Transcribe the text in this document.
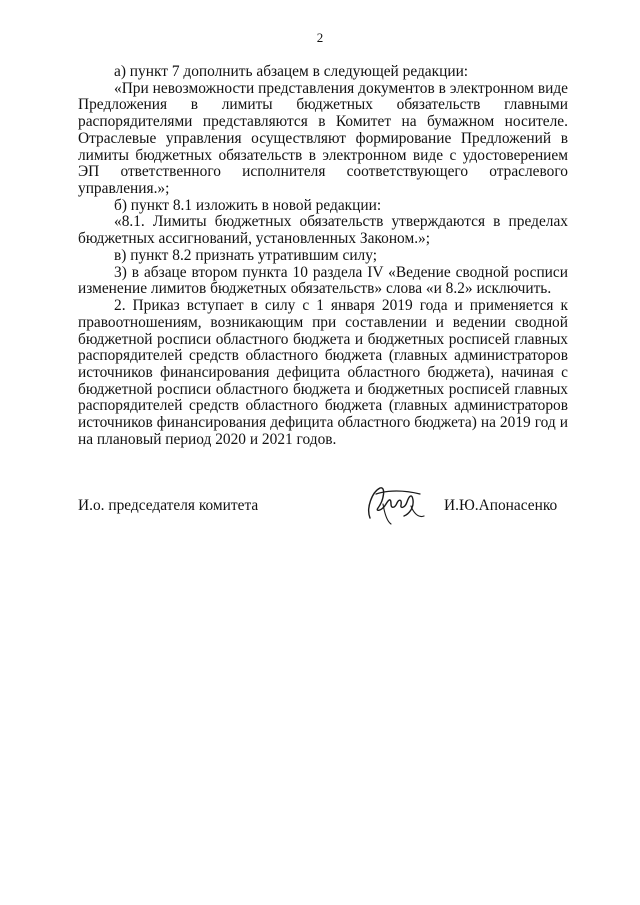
2
а) пункт 7 дополнить абзацем в следующей редакции:
«При невозможности представления документов в электронном виде
Предложения в лимиты бюджетных обязательств главными
распорядителями представляются в Комитет на бумажном носителе.
Отраслевые управления осуществляют формирование Предложений в
лимиты бюджетных обязательств в электронном виде с удостоверением
ЭП ответственного исполнителя соответствующего отраслевого
управления.»;
б) пункт 8.1 изложить в новой редакции:
«8.1. Лимиты бюджетных обязательств утверждаются в пределах
бюджетных ассигнований, установленных Законом.»;
в) пункт 8.2 признать утратившим силу;
3) в абзаце втором пункта 10 раздела IV «Ведение сводной росписи
изменение лимитов бюджетных обязательств» слова «и 8.2» исключить.
2. Приказ вступает в силу с 1 января 2019 года и применяется к
правоотношениям, возникающим при составлении и ведении сводной
бюджетной росписи областного бюджета и бюджетных росписей главных
распорядителей средств областного бюджета (главных администраторов
источников финансирования дефицита областного бюджета), начиная с
бюджетной росписи областного бюджета и бюджетных росписей главных
распорядителей средств областного бюджета (главных администраторов
источников финансирования дефицита областного бюджета) на 2019 год и
на плановый период 2020 и 2021 годов.
И.о. председателя комитета	И.Ю.Апонасенко
